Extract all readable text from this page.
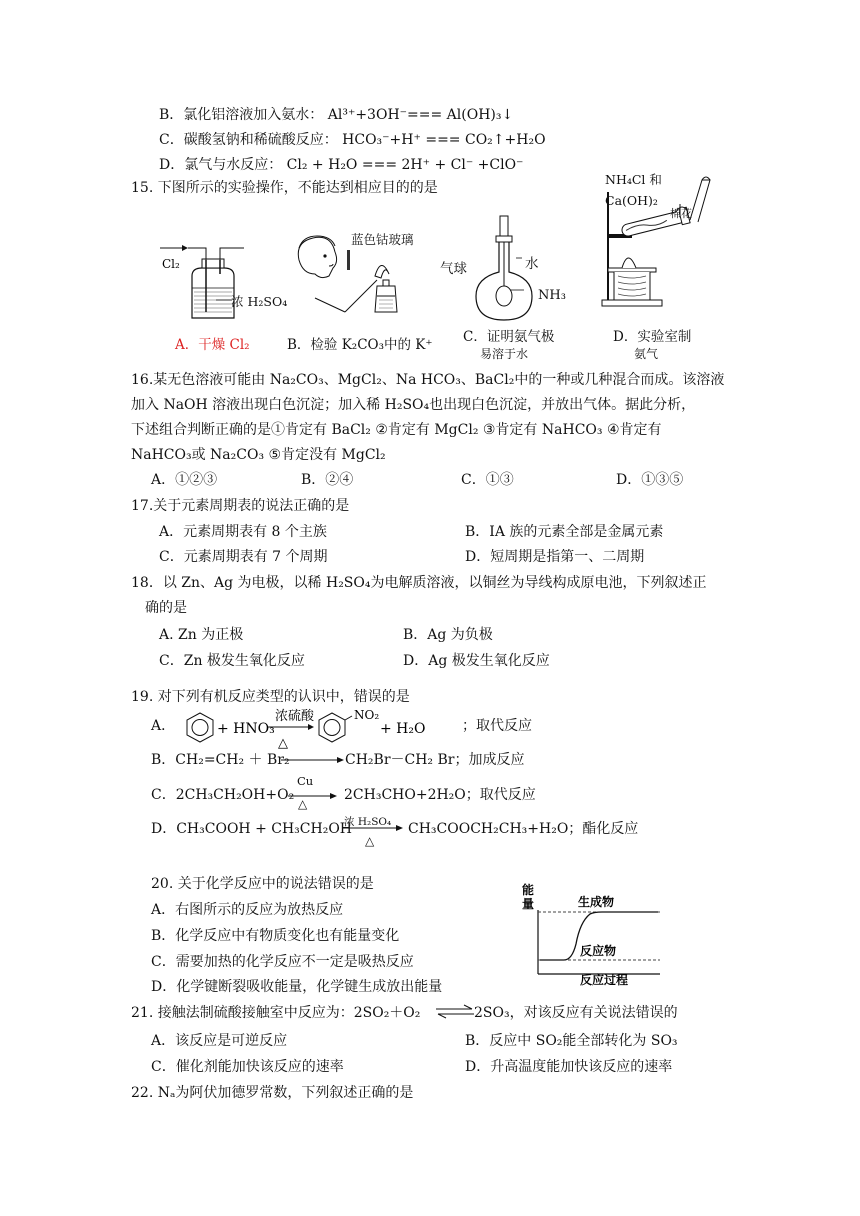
B．氯化铝溶液加入氨水： Al³⁺+3OH⁻=== Al(OH)₃↓
C．碳酸氢钠和稀硫酸反应： HCO₃⁻+H⁺ === CO₂↑+H₂O
D．氯气与水反应： Cl₂ + H₂O === 2H⁺ + Cl⁻ +ClO⁻
15. 下图所示的实验操作，不能达到相应目的的是
Cl₂
浓 H₂SO₄
A．干燥 Cl₂
蓝色钴玻璃
B．检验 K₂CO₃中的 K⁺
气球	水
NH₃
C．证明氨气极
易溶于水
NH₄Cl 和
Ca(OH)₂
棉花
D．实验室制
氨气
16.某无色溶液可能由 Na₂CO₃、MgCl₂、Na HCO₃、BaCl₂中的一种或几种混合而成。该溶液
加入 NaOH 溶液出现白色沉淀；加入稀 H₂SO₄也出现白色沉淀，并放出气体。据此分析，
下述组合判断正确的是①肯定有 BaCl₂ ②肯定有 MgCl₂ ③肯定有 NaHCO₃ ④肯定有
NaHCO₃或 Na₂CO₃ ⑤肯定没有 MgCl₂
A．①②③	B．②④	C．①③	D．①③⑤
17.关于元素周期表的说法正确的是
A．元素周期表有 8 个主族	B．ⅠA 族的元素全部是金属元素
C．元素周期表有 7 个周期	D．短周期是指第一、二周期
18．以 Zn、Ag 为电极，以稀 H₂SO₄为电解质溶液，以铜丝为导线构成原电池，下列叙述正
确的是
A. Zn 为正极	B．Ag 为负极
C．Zn 极发生氧化反应	D．Ag 极发生氧化反应
19. 对下列有机反应类型的认识中，错误的是
A．	+ HNO₃
浓硫酸
△
NO₂
+ H₂O	；取代反应
B．CH₂=CH₂ ＋ Br₂	CH₂Br－CH₂ Br；加成反应
C．2CH₃CH₂OH+O₂
Cu
△
2CH₃CHO+2H₂O；取代反应
D．CH₃COOH + CH₃CH₂OH
浓 H₂SO₄
△
CH₃COOCH₂CH₃+H₂O；酯化反应
20. 关于化学反应中的说法错误的是
A．右图所示的反应为放热反应
B．化学反应中有物质变化也有能量变化
C．需要加热的化学反应不一定是吸热反应
D．化学键断裂吸收能量，化学键生成放出能量
能
量	生成物
反应物
反应过程
21. 接触法制硫酸接触室中反应为：2SO₂＋O₂ ⇌
2SO₃，对该反应有关说法错误的
A．该反应是可逆反应	B．反应中 SO₂能全部转化为 SO₃
C．催化剂能加快该反应的速率	D．升高温度能加快该反应的速率
22. Nₐ为阿伏加德罗常数，下列叙述正确的是
